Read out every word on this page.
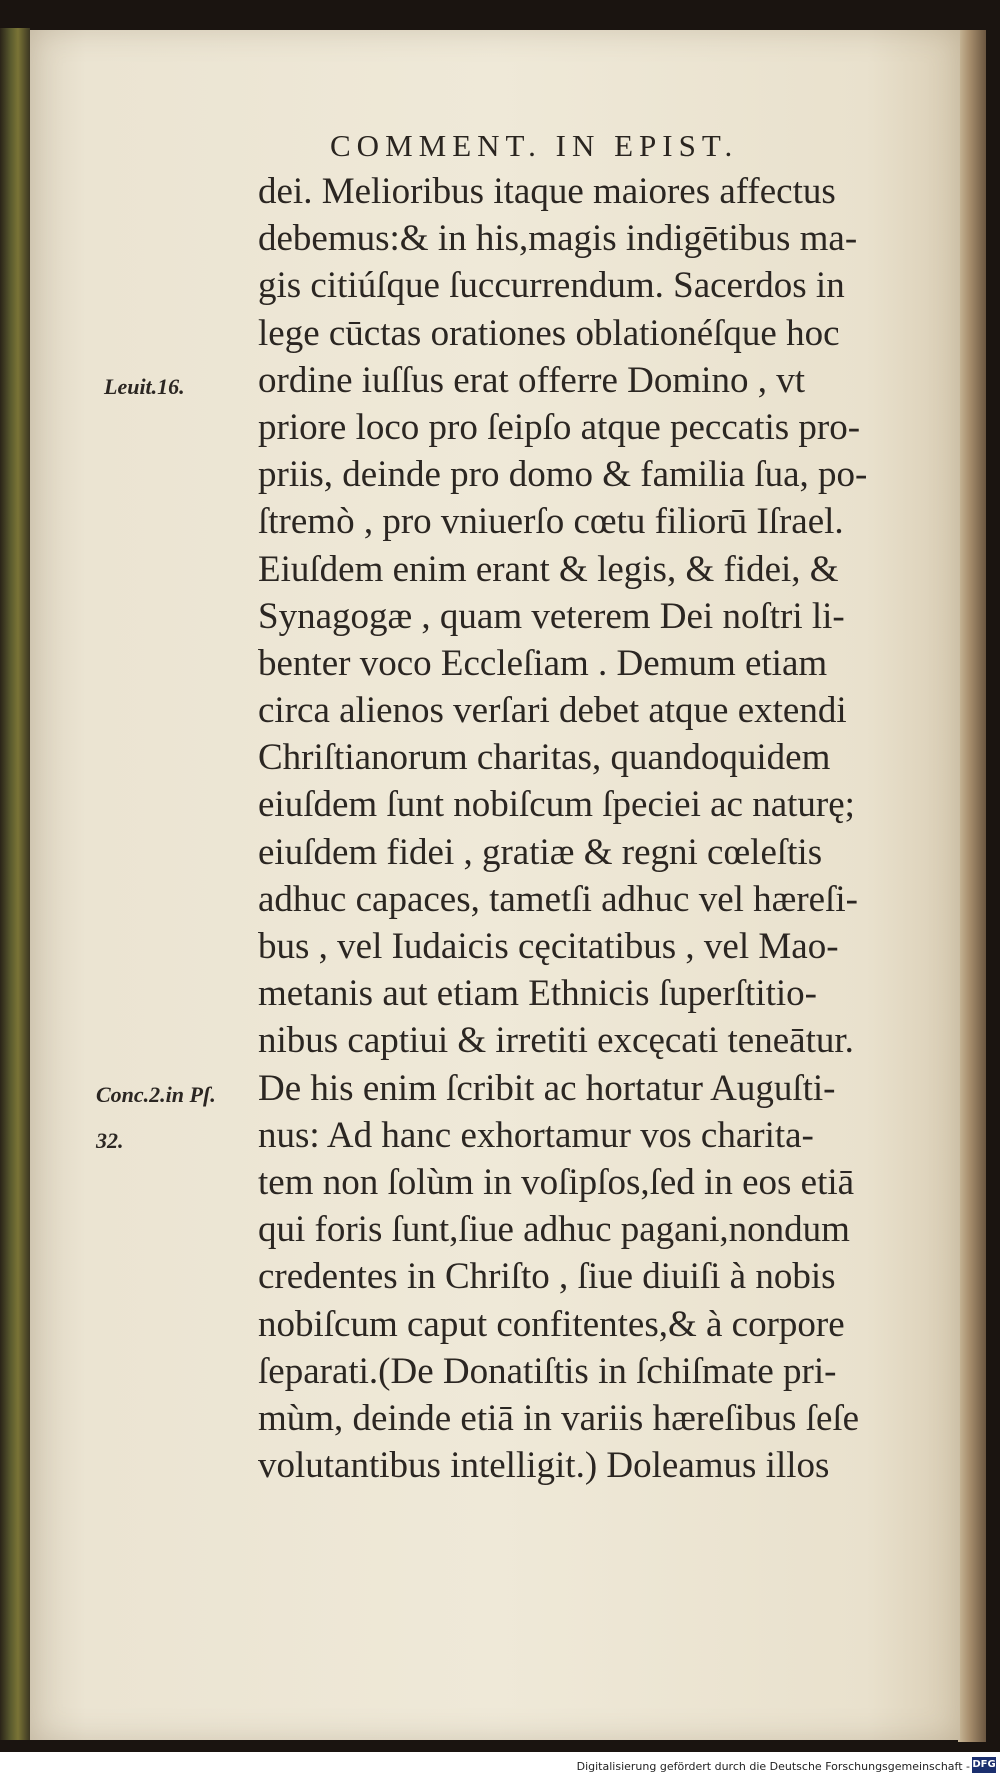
COMMENT. IN EPIST.
Leuit.16.
Conc.2.in Pſ.
32.
dei. Melioribus itaque maiores affectus
debemus:& in his,magis indigētibus ma-
gis citiúſque ſuccurrendum. Sacerdos in
lege cūctas orationes oblationéſque hoc
ordine iuſſus erat offerre Domino , vt
priore loco pro ſeipſo atque peccatis pro-
priis, deinde pro domo & familia ſua, po-
ſtremò , pro vniuerſo cœtu filiorū Iſrael.
Eiuſdem enim erant & legis, & fidei, &
Synagogæ , quam veterem Dei noſtri li-
benter voco Eccleſiam . Demum etiam
circa alienos verſari debet atque extendi
Chriſtianorum charitas, quandoquidem
eiuſdem ſunt nobiſcum ſpeciei ac naturę;
eiuſdem fidei , gratiæ & regni cœleſtis
adhuc capaces, tametſi adhuc vel hæreſi-
bus , vel Iudaicis cęcitatibus , vel Mao-
metanis aut etiam Ethnicis ſuperſtitio-
nibus captiui & irretiti excęcati teneātur.
De his enim ſcribit ac hortatur Auguſti-
nus: Ad hanc exhortamur vos charita-
tem non ſolùm in voſipſos,ſed in eos etiā
qui foris ſunt,ſiue adhuc pagani,nondum
credentes in Chriſto , ſiue diuiſi à nobis
nobiſcum caput confitentes,& à corpore
ſeparati.(De Donatiſtis in ſchiſmate pri-
mùm, deinde etiā in variis hæreſibus ſeſe
volutantibus intelligit.) Doleamus illos
Digitalisierung gefördert durch die Deutsche Forschungsgemeinschaft - DFG
